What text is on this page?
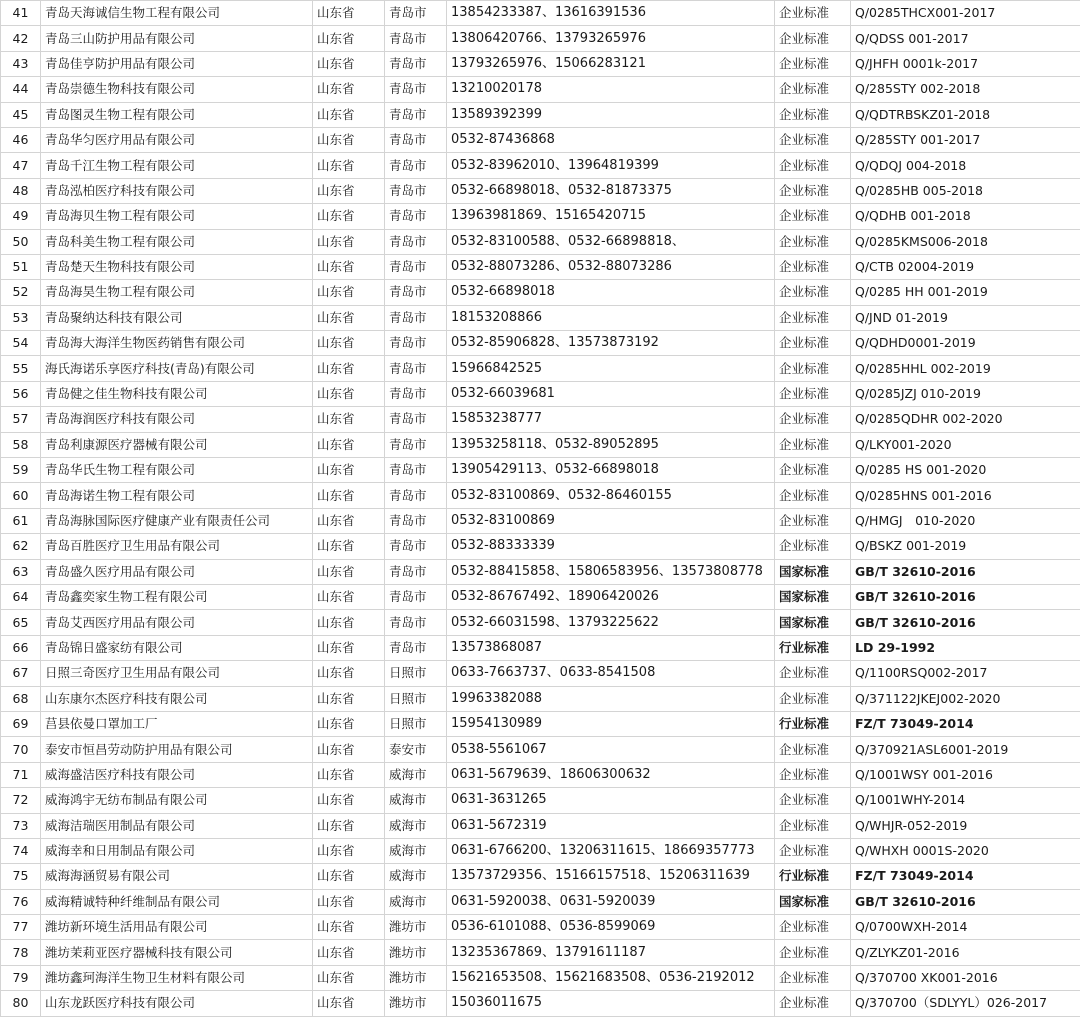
41	青岛天海诚信生物工程有限公司	山东省	青岛市	13854233387、13616391536	企业标准	Q/0285THCX001-2017
42	青岛三山防护用品有限公司	山东省	青岛市	13806420766、13793265976	企业标准	Q/QDSS 001-2017
43	青岛佳亨防护用品有限公司	山东省	青岛市	13793265976、15066283121	企业标准	Q/JHFH 0001k-2017
44	青岛崇德生物科技有限公司	山东省	青岛市	13210020178	企业标准	Q/285STY 002-2018
45	青岛图灵生物工程有限公司	山东省	青岛市	13589392399	企业标准	Q/QDTRBSKZ01-2018
46	青岛华匀医疗用品有限公司	山东省	青岛市	0532-87436868	企业标准	Q/285STY 001-2017
47	青岛千江生物工程有限公司	山东省	青岛市	0532-83962010、13964819399	企业标准	Q/QDQJ 004-2018
48	青岛泓柏医疗科技有限公司	山东省	青岛市	0532-66898018、0532-81873375	企业标准	Q/0285HB 005-2018
49	青岛海贝生物工程有限公司	山东省	青岛市	13963981869、15165420715	企业标准	Q/QDHB 001-2018
50	青岛科美生物工程有限公司	山东省	青岛市	0532-83100588、0532-66898818、	企业标准	Q/0285KMS006-2018
51	青岛楚天生物科技有限公司	山东省	青岛市	0532-88073286、0532-88073286	企业标准	Q/CTB 02004-2019
52	青岛海昊生物工程有限公司	山东省	青岛市	0532-66898018	企业标准	Q/0285 HH 001-2019
53	青岛聚纳达科技有限公司	山东省	青岛市	18153208866	企业标准	Q/JND 01-2019
54	青岛海大海洋生物医药销售有限公司	山东省	青岛市	0532-85906828、13573873192	企业标准	Q/QDHD0001-2019
55	海氏海诺乐享医疗科技(青岛)有限公司	山东省	青岛市	15966842525	企业标准	Q/0285HHL 002-2019
56	青岛健之佳生物科技有限公司	山东省	青岛市	0532-66039681	企业标准	Q/0285JZJ 010-2019
57	青岛海润医疗科技有限公司	山东省	青岛市	15853238777	企业标准	Q/0285QDHR 002-2020
58	青岛利康源医疗器械有限公司	山东省	青岛市	13953258118、0532-89052895	企业标准	Q/LKY001-2020
59	青岛华氏生物工程有限公司	山东省	青岛市	13905429113、0532-66898018	企业标准	Q/0285 HS 001-2020
60	青岛海诺生物工程有限公司	山东省	青岛市	0532-83100869、0532-86460155	企业标准	Q/0285HNS 001-2016
61	青岛海脉国际医疗健康产业有限责任公司	山东省	青岛市	0532-83100869	企业标准	Q/HMGJ　010-2020
62	青岛百胜医疗卫生用品有限公司	山东省	青岛市	0532-88333339	企业标准	Q/BSKZ 001-2019
63	青岛盛久医疗用品有限公司	山东省	青岛市	0532-88415858、15806583956、13573808778	国家标准	GB/T 32610-2016
64	青岛鑫奕家生物工程有限公司	山东省	青岛市	0532-86767492、18906420026	国家标准	GB/T 32610-2016
65	青岛艾西医疗用品有限公司	山东省	青岛市	0532-66031598、13793225622	国家标准	GB/T 32610-2016
66	青岛锦日盛家纺有限公司	山东省	青岛市	13573868087	行业标准	LD 29-1992
67	日照三奇医疗卫生用品有限公司	山东省	日照市	0633-7663737、0633-8541508	企业标准	Q/1100RSQ002-2017
68	山东康尔杰医疗科技有限公司	山东省	日照市	19963382088	企业标准	Q/371122JKEJ002-2020
69	莒县依曼口罩加工厂	山东省	日照市	15954130989	行业标准	FZ/T 73049-2014
70	泰安市恒昌劳动防护用品有限公司	山东省	泰安市	0538-5561067	企业标准	Q/370921ASL6001-2019
71	威海盛洁医疗科技有限公司	山东省	威海市	0631-5679639、18606300632	企业标准	Q/1001WSY 001-2016
72	威海鸿宇无纺布制品有限公司	山东省	威海市	0631-3631265	企业标准	Q/1001WHY-2014
73	威海洁瑞医用制品有限公司	山东省	威海市	0631-5672319	企业标准	Q/WHJR-052-2019
74	威海幸和日用制品有限公司	山东省	威海市	0631-6766200、13206311615、18669357773	企业标准	Q/WHXH 0001S-2020
75	威海海涵贸易有限公司	山东省	威海市	13573729356、15166157518、15206311639	行业标准	FZ/T 73049-2014
76	威海精诚特种纤维制品有限公司	山东省	威海市	0631-5920038、0631-5920039	国家标准	GB/T 32610-2016
77	潍坊新环境生活用品有限公司	山东省	潍坊市	0536-6101088、0536-8599069	企业标准	Q/0700WXH-2014
78	潍坊茉莉亚医疗器械科技有限公司	山东省	潍坊市	13235367869、13791611187	企业标准	Q/ZLYKZ01-2016
79	潍坊鑫珂海洋生物卫生材料有限公司	山东省	潍坊市	15621653508、15621683508、0536-2192012	企业标准	Q/370700 XK001-2016
80	山东龙跃医疗科技有限公司	山东省	潍坊市	15036011675	企业标准	Q/370700（SDLYYL）026-2017
